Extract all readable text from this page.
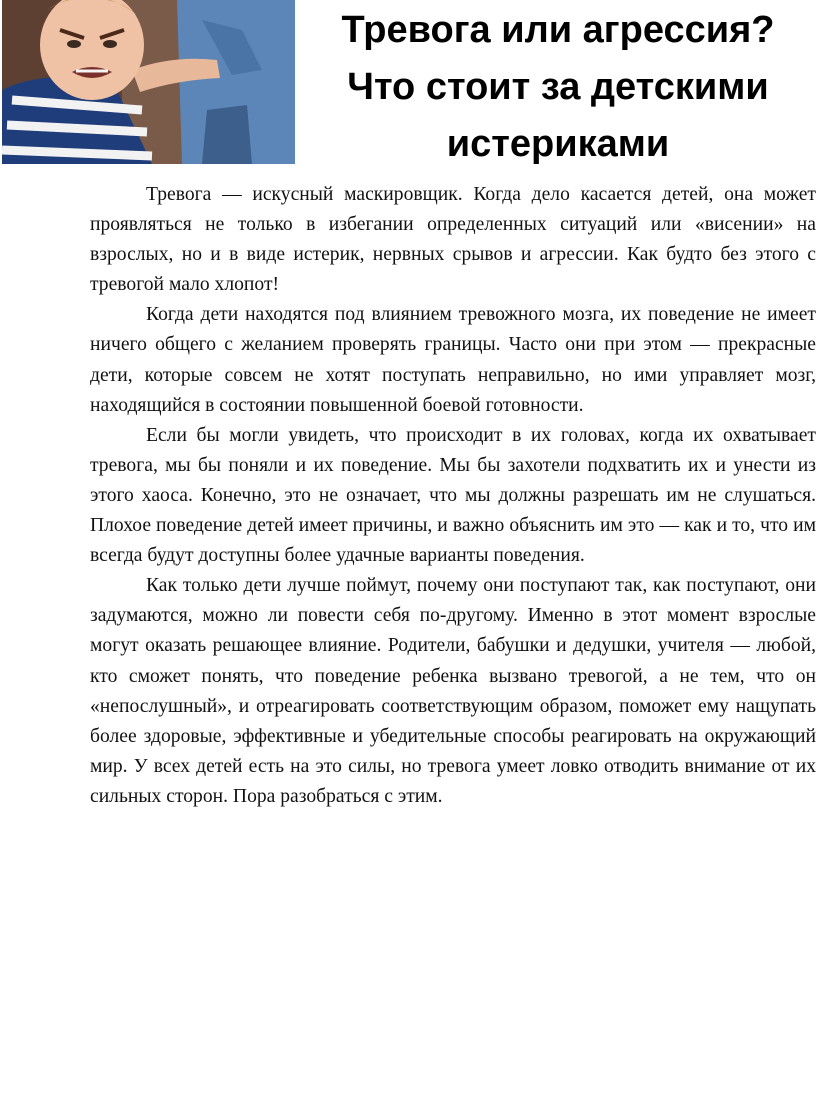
Тревога или агрессия?
Что стоит за детскими
истериками

Тревога — искусный маскировщик. Когда дело касается детей, она может проявляться не только в избегании определенных ситуаций или «висении» на взрослых, но и в виде истерик, нервных срывов и агрессии. Как будто без этого с тревогой мало хлопот!

Когда дети находятся под влиянием тревожного мозга, их поведение не имеет ничего общего с желанием проверять границы. Часто они при этом — прекрасные дети, которые совсем не хотят поступать неправильно, но ими управляет мозг, находящийся в состоянии повышенной боевой готовности.

Если бы могли увидеть, что происходит в их головах, когда их охватывает тревога, мы бы поняли и их поведение. Мы бы захотели подхватить их и унести из этого хаоса. Конечно, это не означает, что мы должны разрешать им не слушаться. Плохое поведение детей имеет причины, и важно объяснить им это — как и то, что им всегда будут доступны более удачные варианты поведения.

Как только дети лучше поймут, почему они поступают так, как поступают, они задумаются, можно ли повести себя по-другому. Именно в этот момент взрослые могут оказать решающее влияние. Родители, бабушки и дедушки, учителя — любой, кто сможет понять, что поведение ребенка вызвано тревогой, а не тем, что он «непослушный», и отреагировать соответствующим образом, поможет ему нащупать более здоровые, эффективные и убедительные способы реагировать на окружающий мир. У всех детей есть на это силы, но тревога умеет ловко отводить внимание от их сильных сторон. Пора разобраться с этим.
